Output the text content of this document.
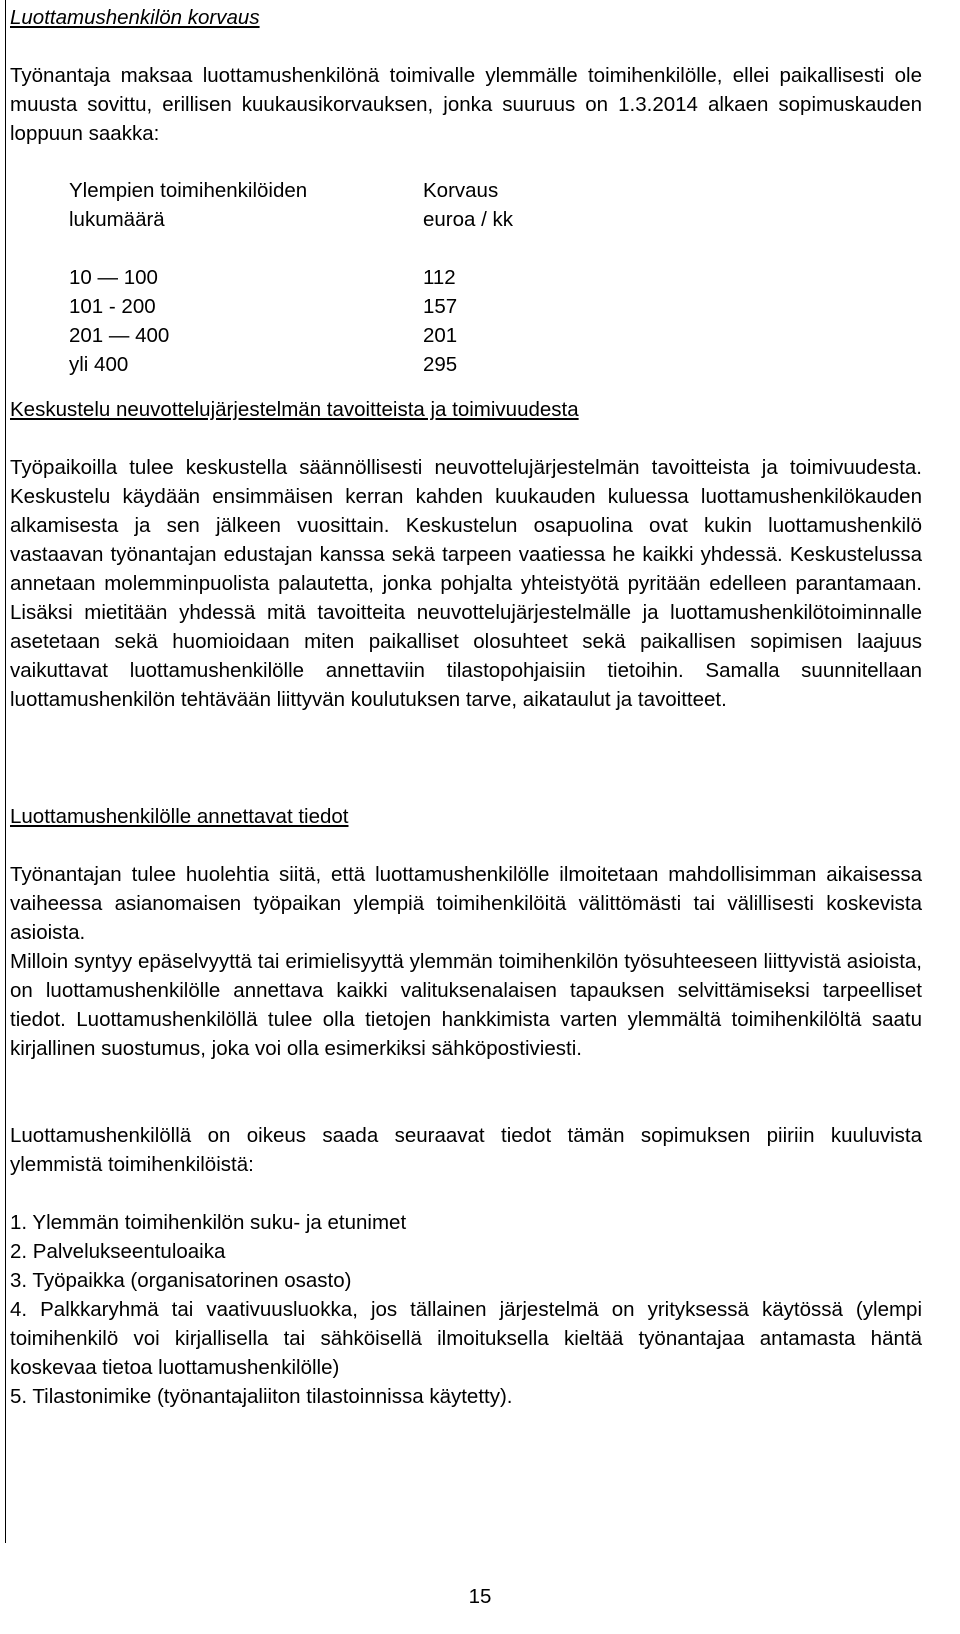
Luottamushenkilön korvaus

Työnantaja maksaa luottamushenkilönä toimivalle ylemmälle toimihenkilölle, ellei paikallisesti ole muusta sovittu, erillisen kuukausikorvauksen, jonka suuruus on 1.3.2014 alkaen sopimuskauden loppuun saakka:

Ylempien toimihenkilöiden
lukumäärä
10 — 100
101 - 200
201 — 400
yli 400
Korvaus
euroa / kk
112
157
201
295
Keskustelu neuvottelujärjestelmän tavoitteista ja toimivuudesta

Työpaikoilla tulee keskustella säännöllisesti neuvottelujärjestelmän tavoitteista ja toimivuudesta. Keskustelu käydään ensimmäisen kerran kahden kuukauden kuluessa luottamushenkilökauden alkamisesta ja sen jälkeen vuosittain. Keskustelun osapuolina ovat kukin luottamushenkilö vastaavan työnantajan edustajan kanssa sekä tarpeen vaatiessa he kaikki yhdessä. Keskustelussa annetaan molemminpuolista palautetta, jonka pohjalta yhteistyötä pyritään edelleen parantamaan. Lisäksi mietitään yhdessä mitä tavoitteita neuvottelujärjestelmälle ja luottamushenkilötoiminnalle asetetaan sekä huomioidaan miten paikalliset olosuhteet sekä paikallisen sopimisen laajuus vaikuttavat luottamushenkilölle annettaviin tilastopohjaisiin tietoihin. Samalla suunnitellaan luottamushenkilön tehtävään liittyvän koulutuksen tarve, aikataulut ja tavoitteet.

Luottamushenkilölle annettavat tiedot

Työnantajan tulee huolehtia siitä, että luottamushenkilölle ilmoitetaan mahdollisimman aikaisessa vaiheessa asianomaisen työpaikan ylempiä toimihenkilöitä välittömästi tai välillisesti koskevista asioista.

Milloin syntyy epäselvyyttä tai erimielisyyttä ylemmän toimihenkilön työsuhteeseen liittyvistä asioista, on luottamushenkilölle annettava kaikki valituksenalaisen tapauksen selvittämiseksi tarpeelliset tiedot. Luottamushenkilöllä tulee olla tietojen hankkimista varten ylemmältä toimihenkilöltä saatu kirjallinen suostumus, joka voi olla esimerkiksi sähköpostiviesti.

Luottamushenkilöllä on oikeus saada seuraavat tiedot tämän sopimuksen piiriin kuuluvista ylemmistä toimihenkilöistä:

1. Ylemmän toimihenkilön suku- ja etunimet
2. Palvelukseentuloaika
3. Työpaikka (organisatorinen osasto)
4. Palkkaryhmä tai vaativuusluokka, jos tällainen järjestelmä on yrityksessä käytössä (ylempi toimihenkilö voi kirjallisella tai sähköisellä ilmoituksella kieltää työnantajaa antamasta häntä koskevaa tietoa luottamushenkilölle)
5. Tilastonimike (työnantajaliiton tilastoinnissa käytetty).
15
